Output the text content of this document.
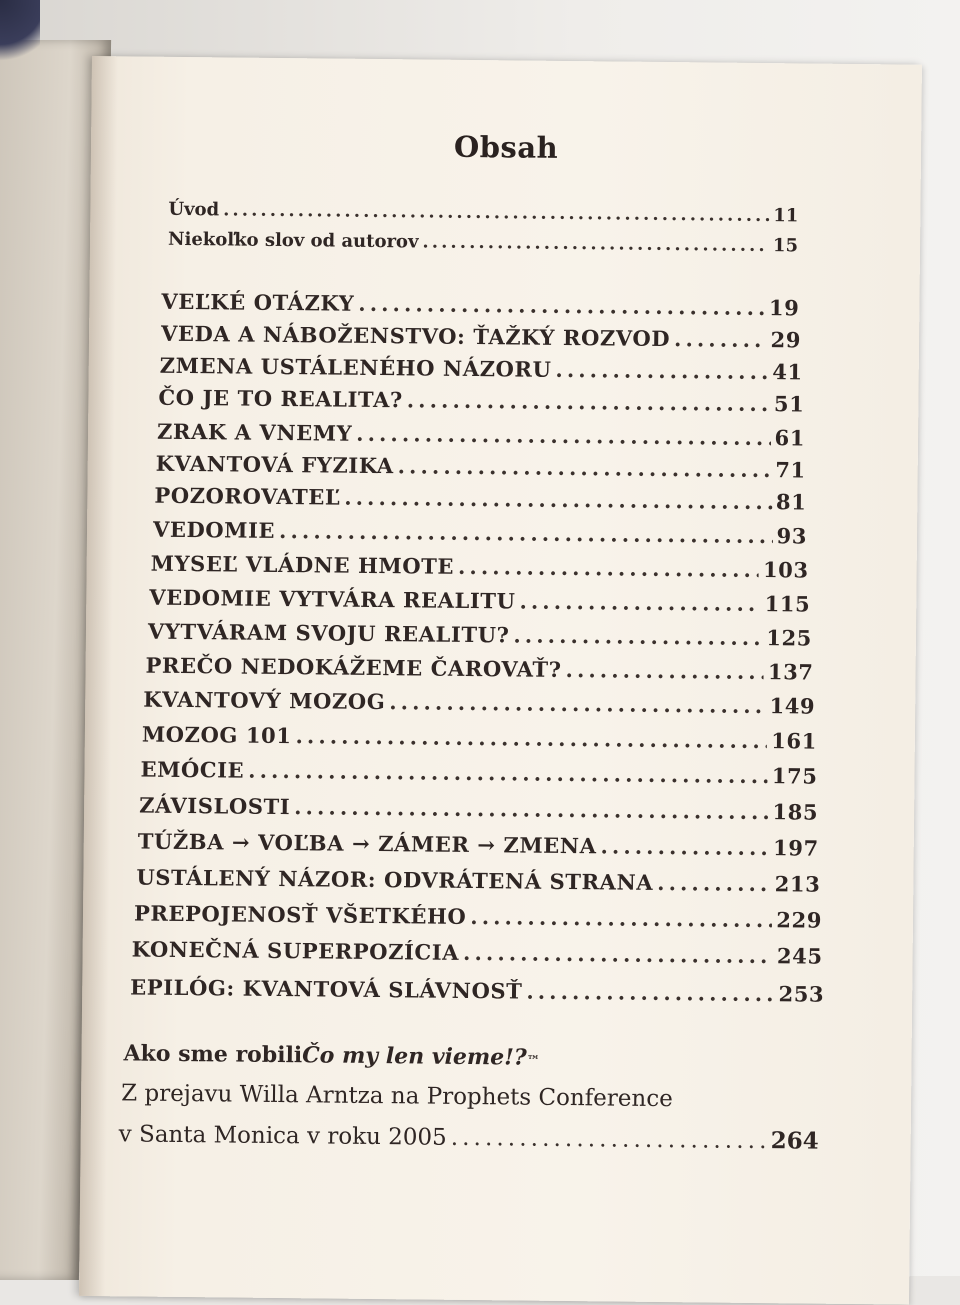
Obsah
Úvod . . .	11
Niekoľko slov od autorov . . .	15
VEĽKÉ OTÁZKY . . .	19
VEDA A NÁBOŽENSTVO: ŤAŽKÝ ROZVOD . . .	29
ZMENA USTÁLENÉHO NÁZORU . . .	41
ČO JE TO REALITA? . . .	51
ZRAK A VNEMY . . .	61
KVANTOVÁ FYZIKA . . .	71
POZOROVATEĽ . . .	81
VEDOMIE . . .	93
MYSEĽ VLÁDNE HMOTE . . .	103
VEDOMIE VYTVÁRA REALITU . . .	115
VYTVÁRAM SVOJU REALITU? . . .	125
PREČO NEDOKÁŽEME ČAROVAŤ? . . .	137
KVANTOVÝ MOZOG . . .	149
MOZOG 101 . . .	161
EMÓCIE . . .	175
ZÁVISLOSTI . . .	185
TÚŽBA → VOĽBA → ZÁMER → ZMENA . . .	197
USTÁLENÝ NÁZOR: ODVRÁTENÁ STRANA . . .	213
PREPOJENOSŤ VŠETKÉHO . . .	229
KONEČNÁ SUPERPOZÍCIA . . .	245
EPILÓG: KVANTOVÁ SLÁVNOSŤ . . .	253
Ako sme robili Čo my len $vieme!?_™$
Z prejavu Willa Arntza na Prophets Conference
v Santa Monica v roku 2005 . . .	264
